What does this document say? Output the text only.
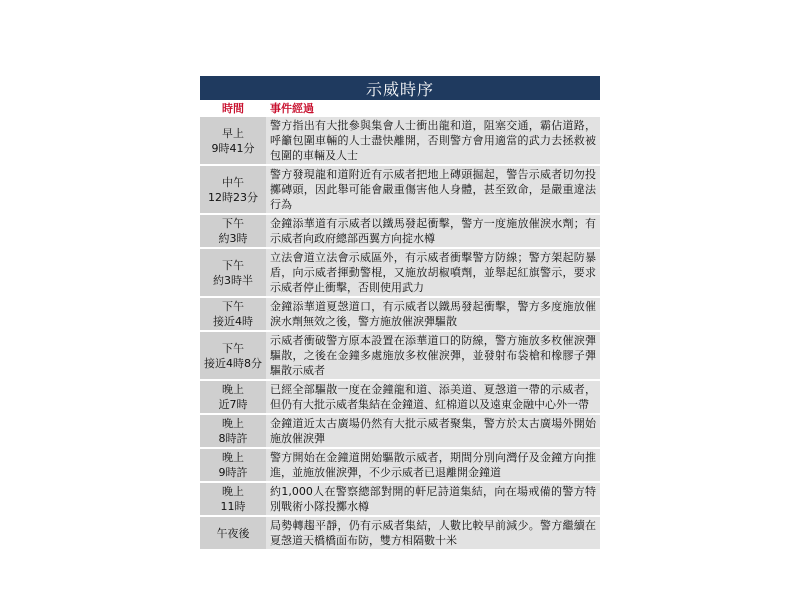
示威時序
時間	事件經過
早上
9時41分
警方指出有大批參與集會人士衝出龍和道，阻塞交通，霸佔道路，呼籲包圍車輛的人士盡快離開，否則警方會用適當的武力去拯救被包圍的車輛及人士
中午
12時23分
警方發現龍和道附近有示威者把地上磚頭掘起，警告示威者切勿投擲磚頭，因此舉可能會嚴重傷害他人身體，甚至致命，是嚴重違法行為
下午
約3時
金鐘添華道有示威者以鐵馬發起衝擊，警方一度施放催淚水劑；有示威者向政府總部西翼方向掟水樽
下午
約3時半
立法會道立法會示威區外，有示威者衝擊警方防線；警方架起防暴盾，向示威者揮動警棍，又施放胡椒噴劑，並舉起紅旗警示，要求示威者停止衝擊，否則使用武力
下午
接近4時
金鐘添華道夏愨道口，有示威者以鐵馬發起衝擊，警方多度施放催淚水劑無效之後，警方施放催淚彈驅散
下午
接近4時8分
示威者衝破警方原本設置在添華道口的防線，警方施放多枚催淚彈驅散，之後在金鐘多處施放多枚催淚彈，並發射布袋槍和橡膠子彈驅散示威者
晚上
近7時
已經全部驅散一度在金鐘龍和道、添美道、夏愨道一帶的示威者，但仍有大批示威者集結在金鐘道、紅棉道以及遠東金融中心外一帶
晚上
8時許
金鐘道近太古廣場仍然有大批示威者聚集，警方於太古廣場外開始施放催淚彈
晚上
9時許
警方開始在金鐘道開始驅散示威者，期間分別向灣仔及金鐘方向推進，並施放催淚彈，不少示威者已退離開金鐘道
晚上
11時
約1,000人在警察總部對開的軒尼詩道集結，向在場戒備的警方特別戰術小隊投擲水樽
午夜後
局勢轉趨平靜，仍有示威者集結，人數比較早前減少。警方繼續在夏愨道天橋橋面布防，雙方相隔數十米
